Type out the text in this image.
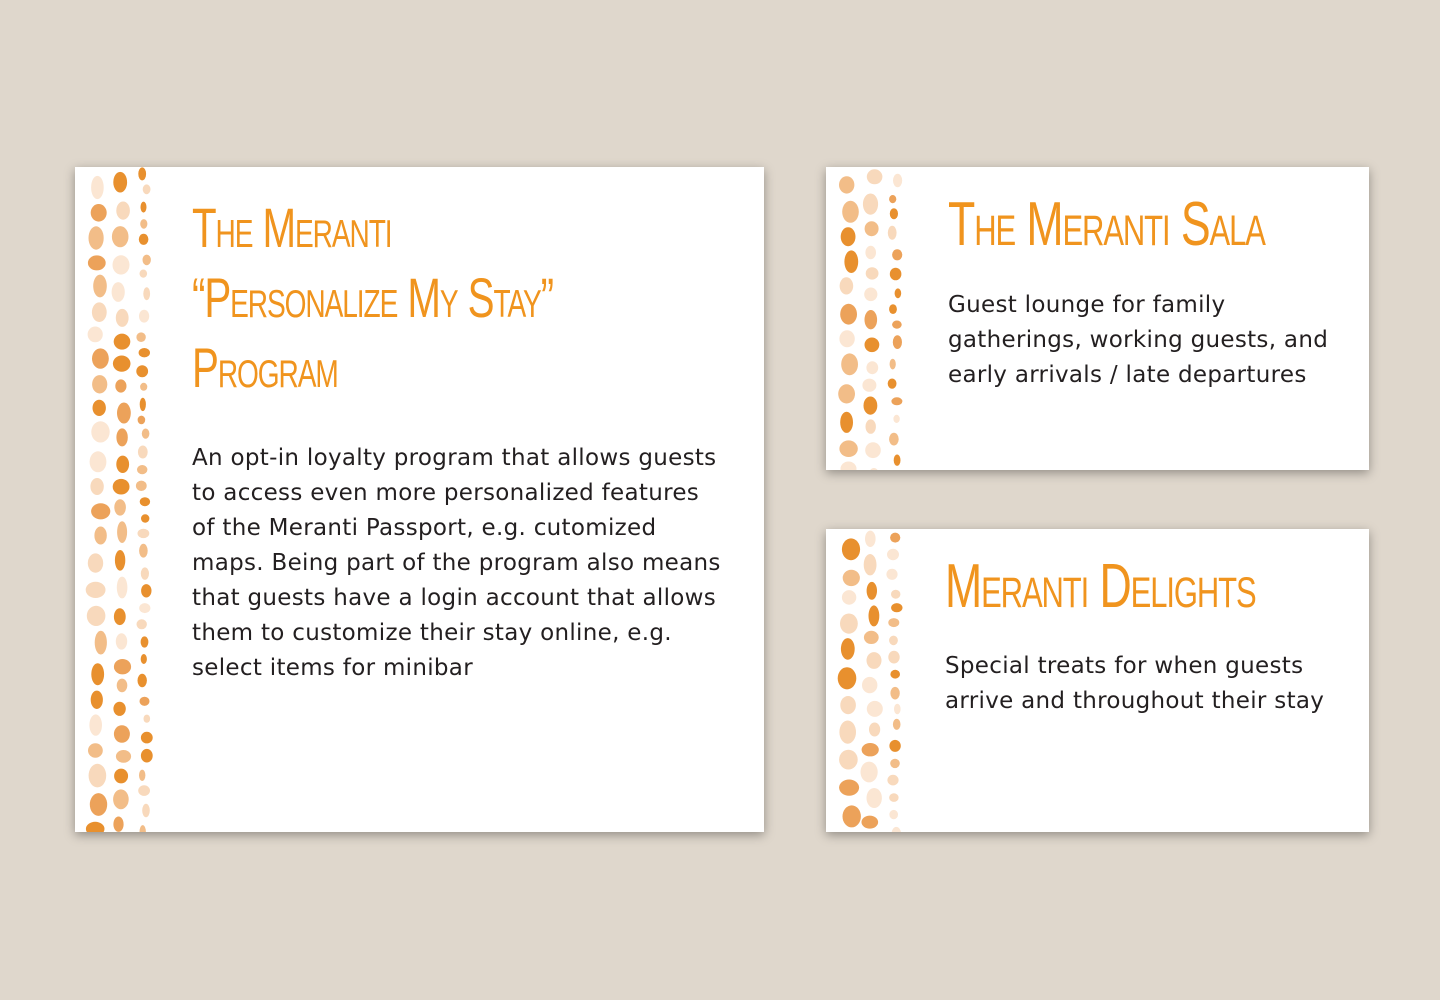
The Meranti
“Personalize My Stay”
Program

An opt-in loyalty program that allows guests to access even more personalized features of the Meranti Passport, e.g. cutomized maps. Being part of the program also means that guests have a login account that allows them to customize their stay online, e.g. select items for minibar

The Meranti Sala

Guest lounge for family gatherings, working guests, and early arrivals / late departures

Meranti Delights

Special treats for when guests arrive and throughout their stay
